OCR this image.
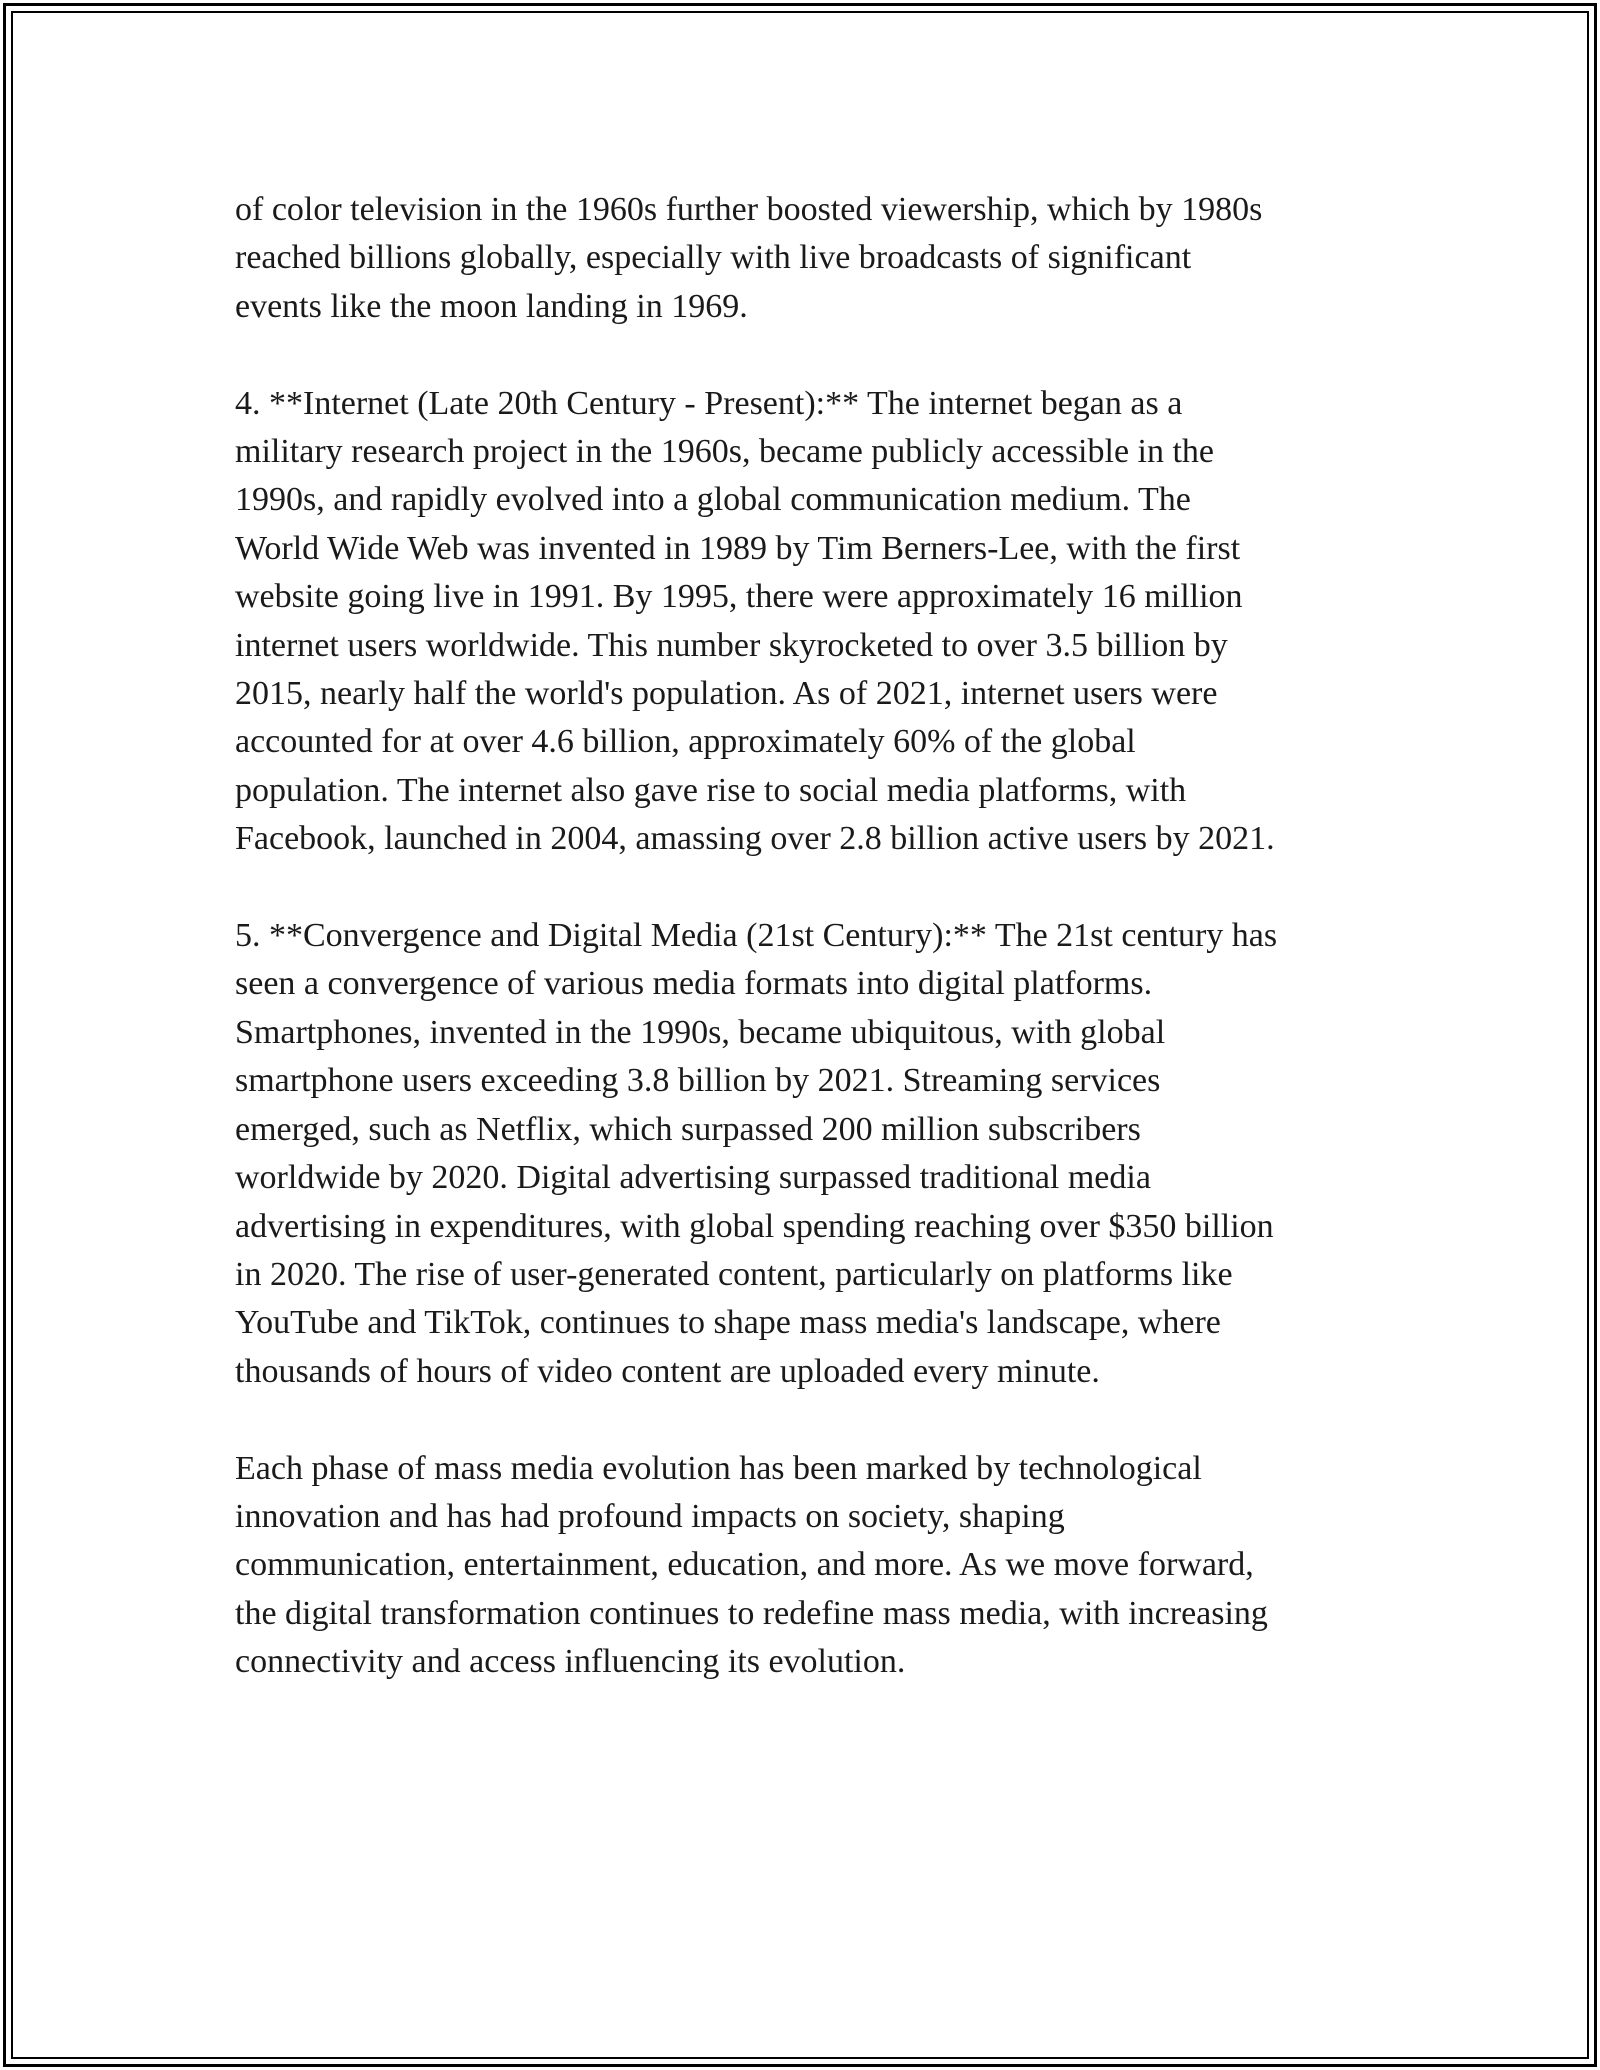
of color television in the 1960s further boosted viewership, which by 1980s
reached billions globally, especially with live broadcasts of significant
events like the moon landing in 1969.

4. **Internet (Late 20th Century - Present):** The internet began as a
military research project in the 1960s, became publicly accessible in the
1990s, and rapidly evolved into a global communication medium. The
World Wide Web was invented in 1989 by Tim Berners-Lee, with the first
website going live in 1991. By 1995, there were approximately 16 million
internet users worldwide. This number skyrocketed to over 3.5 billion by
2015, nearly half the world's population. As of 2021, internet users were
accounted for at over 4.6 billion, approximately 60% of the global
population. The internet also gave rise to social media platforms, with
Facebook, launched in 2004, amassing over 2.8 billion active users by 2021.

5. **Convergence and Digital Media (21st Century):** The 21st century has
seen a convergence of various media formats into digital platforms.
Smartphones, invented in the 1990s, became ubiquitous, with global
smartphone users exceeding 3.8 billion by 2021. Streaming services
emerged, such as Netflix, which surpassed 200 million subscribers
worldwide by 2020. Digital advertising surpassed traditional media
advertising in expenditures, with global spending reaching over $350 billion
in 2020. The rise of user-generated content, particularly on platforms like
YouTube and TikTok, continues to shape mass media's landscape, where
thousands of hours of video content are uploaded every minute.

Each phase of mass media evolution has been marked by technological
innovation and has had profound impacts on society, shaping
communication, entertainment, education, and more. As we move forward,
the digital transformation continues to redefine mass media, with increasing
connectivity and access influencing its evolution.
